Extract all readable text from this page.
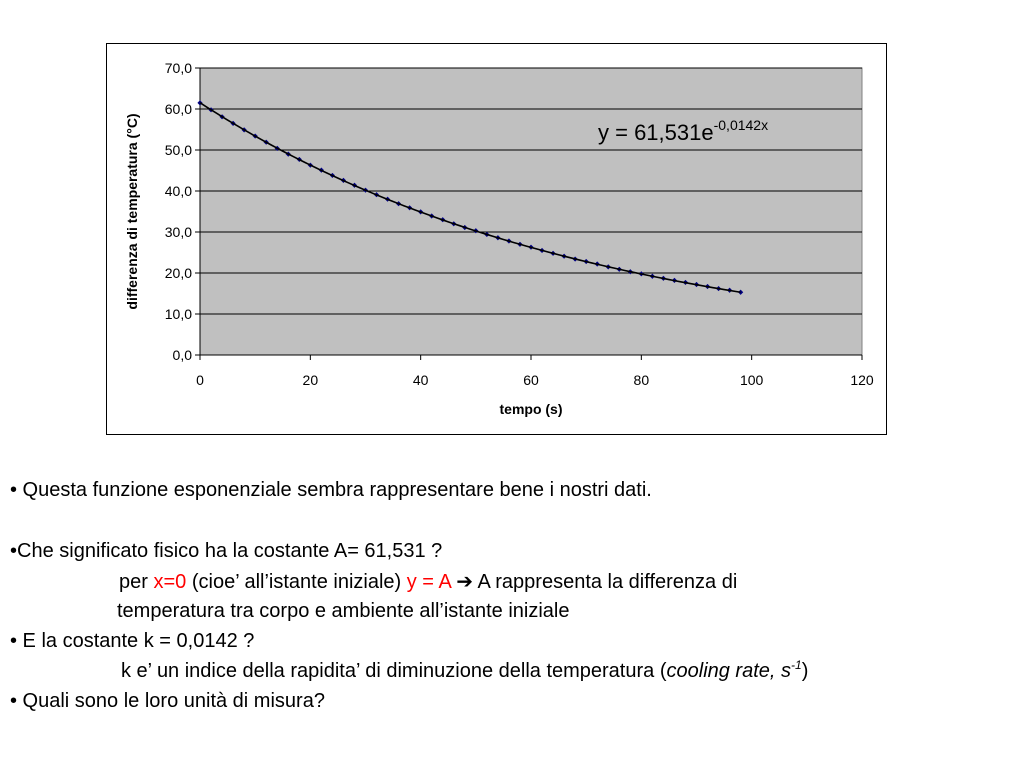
0,0
10,0
20,0
30,0
40,0
50,0
60,0
70,0
0	20	40	60	80	100	120
tempo (s)
differenza di temperatura (°C)	$y = 61,531e^{-0,0142x}$
• Questa funzione esponenziale sembra rappresentare bene i nostri dati.
•Che significato fisico ha la costante A= 61,531 ?
per x=0 (cioe’ all’istante iniziale) y = A ➔ A rappresenta la differenza di
temperatura tra corpo e ambiente all’istante iniziale
• E la costante k = 0,0142 ?
k e’ un indice della rapidita’ di diminuzione della temperatura (cooling rate, $s^{-1}$)
• Quali sono le loro unità di misura?
